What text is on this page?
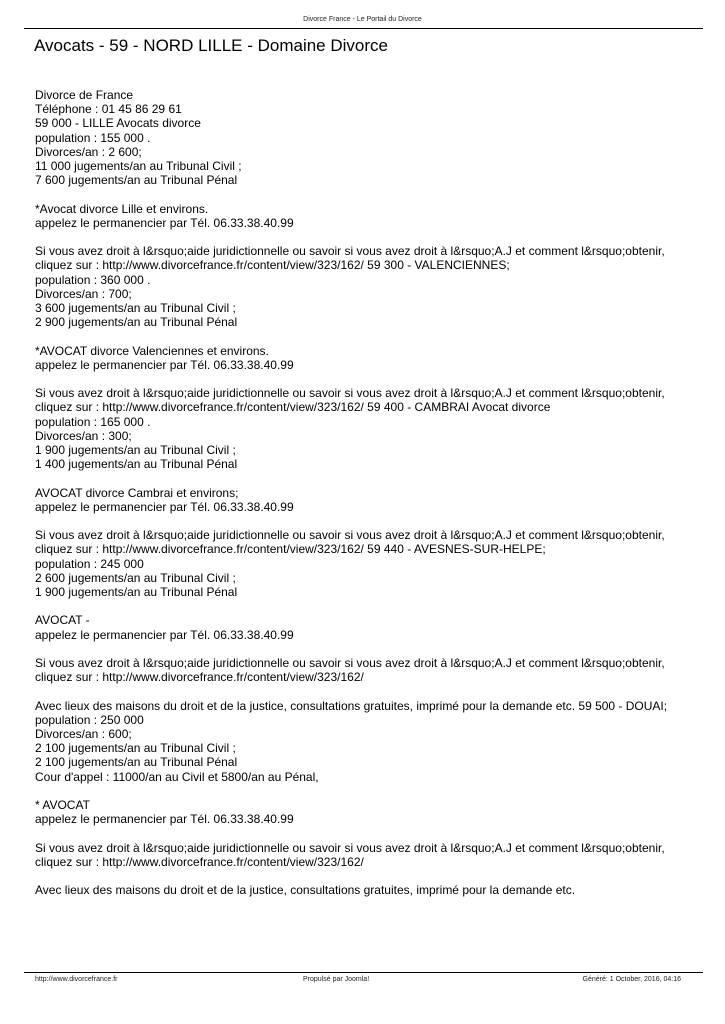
Divorce France - Le Portail du Divorce
Avocats - 59 - NORD LILLE - Domaine Divorce

Divorce de France
Téléphone : 01 45 86 29 61
59 000 - LILLE Avocats divorce
population : 155 000 .
Divorces/an : 2 600;
11 000 jugements/an au Tribunal Civil ;
7 600 jugements/an au Tribunal Pénal

*Avocat divorce Lille et environs.
appelez le permanencier par Tél. 06.33.38.40.99

Si vous avez droit à l&rsquo;aide juridictionnelle ou savoir si vous avez droit à l&rsquo;A.J et comment l&rsquo;obtenir,
cliquez sur : http://www.divorcefrance.fr/content/view/323/162/ 59 300 - VALENCIENNES;
population : 360 000 .
Divorces/an : 700;
3 600 jugements/an au Tribunal Civil ;
2 900 jugements/an au Tribunal Pénal

*AVOCAT divorce Valenciennes et environs.
appelez le permanencier par Tél. 06.33.38.40.99

Si vous avez droit à l&rsquo;aide juridictionnelle ou savoir si vous avez droit à l&rsquo;A.J et comment l&rsquo;obtenir,
cliquez sur : http://www.divorcefrance.fr/content/view/323/162/ 59 400 - CAMBRAI Avocat divorce
population : 165 000 .
Divorces/an : 300;
1 900 jugements/an au Tribunal Civil ;
1 400 jugements/an au Tribunal Pénal

AVOCAT divorce Cambrai et environs;
appelez le permanencier par Tél. 06.33.38.40.99

Si vous avez droit à l&rsquo;aide juridictionnelle ou savoir si vous avez droit à l&rsquo;A.J et comment l&rsquo;obtenir,
cliquez sur : http://www.divorcefrance.fr/content/view/323/162/ 59 440 - AVESNES-SUR-HELPE;
population : 245 000
2 600 jugements/an au Tribunal Civil ;
1 900 jugements/an au Tribunal Pénal

AVOCAT -
appelez le permanencier par Tél. 06.33.38.40.99

Si vous avez droit à l&rsquo;aide juridictionnelle ou savoir si vous avez droit à l&rsquo;A.J et comment l&rsquo;obtenir,
cliquez sur : http://www.divorcefrance.fr/content/view/323/162/

Avec lieux des maisons du droit et de la justice, consultations gratuites, imprimé pour la demande etc. 59 500 - DOUAI;
population : 250 000
Divorces/an : 600;
2 100 jugements/an au Tribunal Civil ;
2 100 jugements/an au Tribunal Pénal
Cour d'appel : 11000/an au Civil et 5800/an au Pénal,

* AVOCAT
appelez le permanencier par Tél. 06.33.38.40.99

Si vous avez droit à l&rsquo;aide juridictionnelle ou savoir si vous avez droit à l&rsquo;A.J et comment l&rsquo;obtenir,
cliquez sur : http://www.divorcefrance.fr/content/view/323/162/

Avec lieux des maisons du droit et de la justice, consultations gratuites, imprimé pour la demande etc.

http://www.divorcefrance.fr	Propulsé par Joomla!	Généré: 1 October, 2016, 04:16
